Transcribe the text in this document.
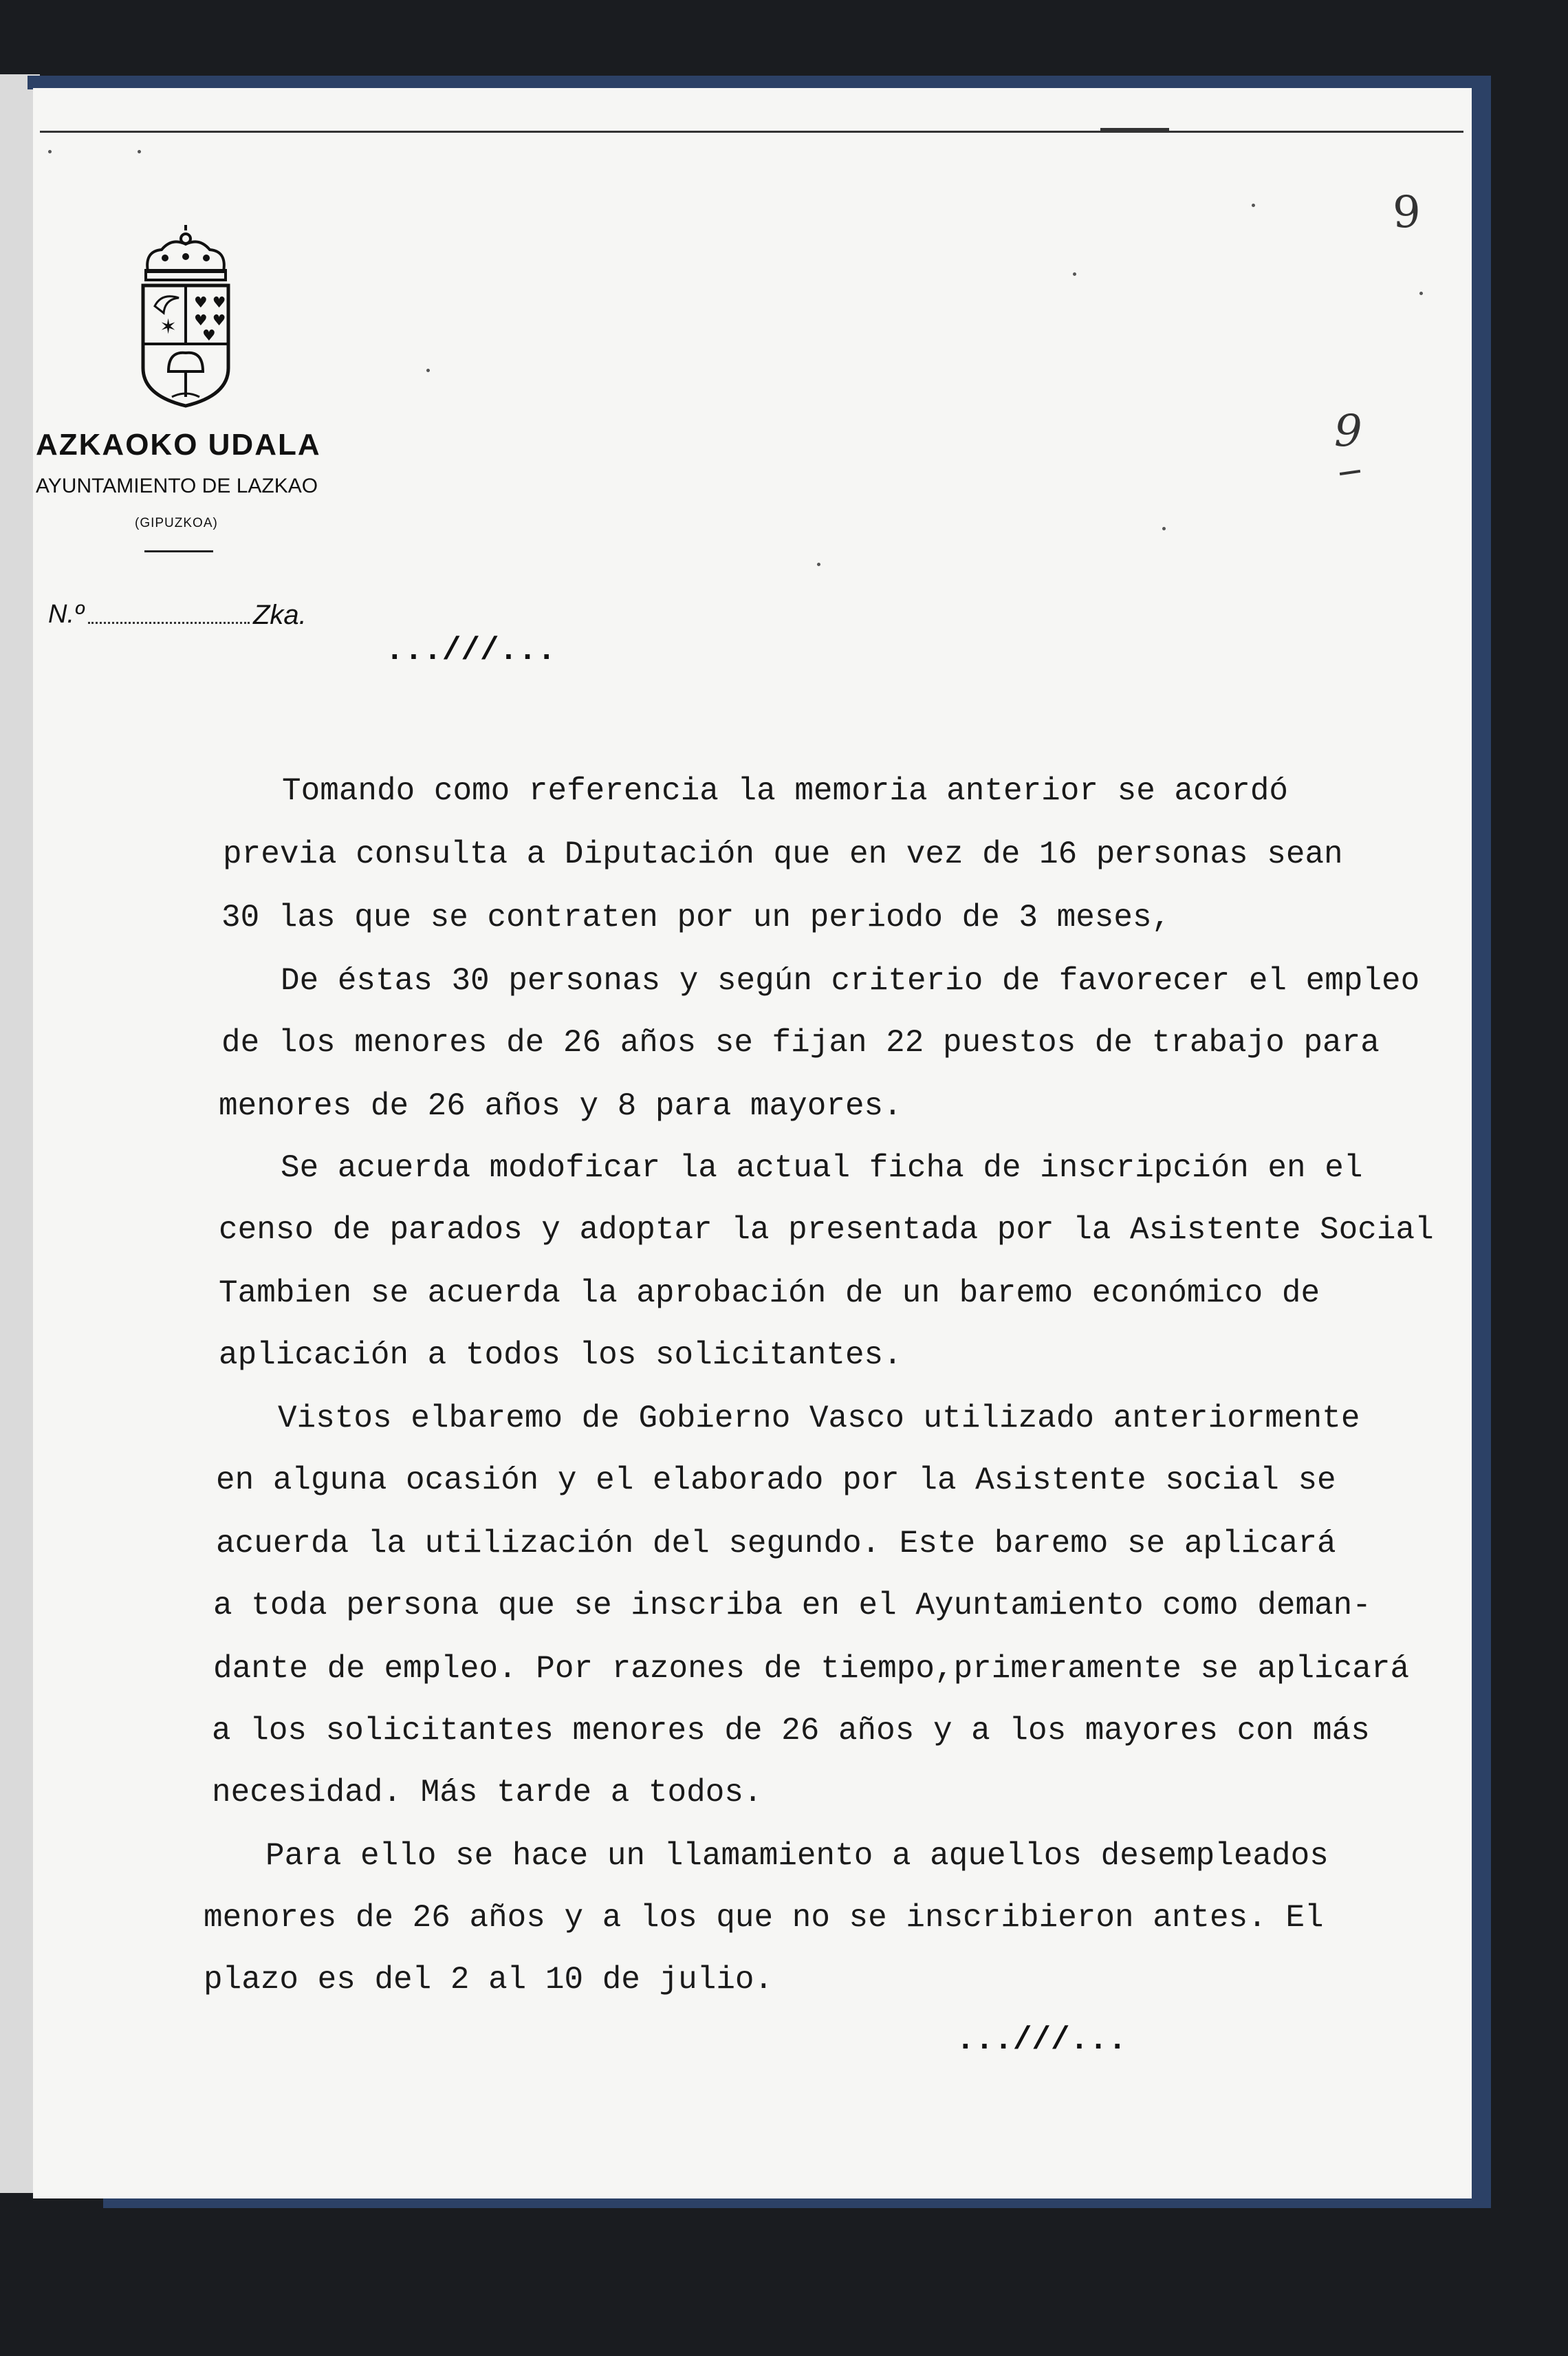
9
9
✶
♥ ♥
♥ ♥
♥
AZKAOKO UDALA
AYUNTAMIENTO DE LAZKAO
(GIPUZKOA)
N.º	Zka.
...///...
Tomando como referencia la memoria anterior se acordó
previa consulta a Diputación que en vez de 16 personas sean
30 las que se contraten por un periodo de 3 meses,
De éstas 30 personas y según criterio de favorecer el empleo
de los menores de 26 años se fijan 22 puestos de trabajo para
menores de 26 años y 8 para mayores.
Se acuerda modoficar la actual ficha de inscripción en el
censo de parados y adoptar la presentada por la Asistente Social
Tambien se acuerda la aprobación de un baremo económico de
aplicación a todos los solicitantes.
Vistos elbaremo de Gobierno Vasco utilizado anteriormente
en alguna ocasión y el elaborado por la Asistente social se
acuerda la utilización del segundo. Este baremo se aplicará
a toda persona que se inscriba en el Ayuntamiento como deman-
dante de empleo. Por razones de tiempo,primeramente se aplicará
a los solicitantes menores de 26 años y a los mayores con más
necesidad. Más tarde a todos.
Para ello se hace un llamamiento a aquellos desempleados
menores de 26 años y a los que no se inscribieron antes. El
plazo es del 2 al 10 de julio.
...///...
